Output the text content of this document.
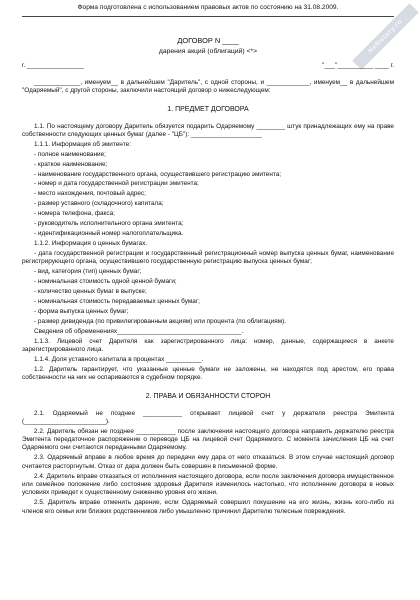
Форма подготовлена с использованием правовых актов по состоянию на 31.08.2009.
NeNotary.ru
ДОГОВОР N ____
дарения акций (облигаций) <*>
г. ________________	"___"__________ ____ г.

_____________, именуем__ в дальнейшем "Даритель", с одной стороны, и ____________, именуем__ в дальнейшем "Одаряемый", с другой стороны, заключили настоящий договор о нижеследующем:

1. ПРЕДМЕТ ДОГОВОРА

1.1. По настоящему договору Даритель обязуется подарить Одаряемому ________ штук принадлежащих ему на праве собственности следующих ценных бумаг (далее - "ЦБ"): ____________________

1.1.1. Информация об эмитенте:

- полное наименование;

- краткое наименование;

- наименование государственного органа, осуществившего регистрацию эмитента;

- номер и дата государственной регистрации эмитента;

- место нахождения, почтовый адрес;

- размер уставного (складочного) капитала;

- номера телефона, факса;

- руководитель исполнительного органа эмитента;

- идентификационный номер налогоплательщика.

1.1.2. Информация о ценных бумагах.

- дата государственной регистрации и государственный регистрационный номер выпуска ценных бумаг, наименование регистрирующего органа, осуществившего государственную регистрацию выпуска ценных бумаг;

- вид, категория (тип) ценных бумаг;

- номинальная стоимость одной ценной бумаги;

- количество ценных бумаг в выпуске;

- номинальная стоимость передаваемых ценных бумаг;

- форма выпуска ценных бумаг;

- размер дивиденда (по привилегированным акциям) или процента (по облигациям).

Сведения об обременениях___________________________________.

1.1.3. Лицевой счет Дарителя как зарегистрированного лица: номер, данные, содержащиеся в анкете зарегистрированного лица.

1.1.4. Доля уставного капитала в процентах __________.

1.2. Даритель гарантирует, что указанные ценные бумаги не заложены, не находятся под арестом, его права собственности на них не оспариваются в судебном порядке.

2. ПРАВА И ОБЯЗАННОСТИ СТОРОН

2.1. Одаряемый не позднее ___________ открывает лицевой счет у держателя реестра Эмитента (_______________________).

2.2. Даритель обязан не позднее ___________ после заключения настоящего договора направить держателю реестра Эмитента передаточное распоряжение о переводе ЦБ на лицевой счет Одаряемого. С момента зачисления ЦБ на счет Одаряемого они считаются переданными Одаряемому.

2.3. Одаряемый вправе в любое время до передачи ему дара от него отказаться. В этом случае настоящий договор считается расторгнутым. Отказ от дара должен быть совершен в письменной форме.

2.4. Даритель вправе отказаться от исполнения настоящего договора, если после заключения договора имущественное или семейное положение либо состояние здоровья Дарителя изменилось настолько, что исполнение договора в новых условиях приведет к существенному снижению уровня его жизни.

2.5. Даритель вправе отменить дарение, если Одаряемый совершил покушение на его жизнь, жизнь кого-либо из членов его семьи или близких родственников либо умышленно причинил Дарителю телесные повреждения.
